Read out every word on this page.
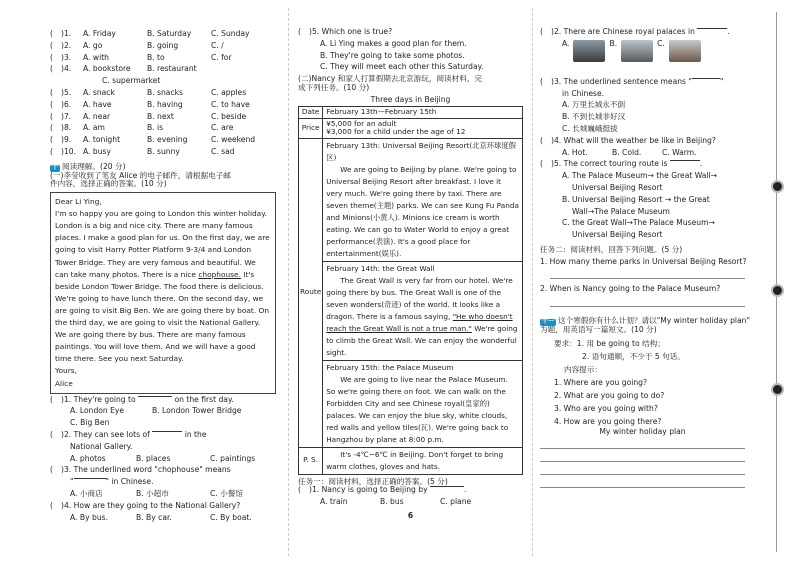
(	)1.	A. Friday	B. Saturday	C. Sunday
(	)2.	A. go	B. going	C. /
(	)3.	A. with	B. to	C. for
(	)4.	A. bookstore	B. restaurant
C. supermarket
(	)5.	A. snack	B. snacks	C. apples
(	)6.	A. have	B. having	C. to have
(	)7.	A. near	B. next	C. beside
(	)8.	A. am	B. is	C. are
(	)9.	A. tonight	B. evening	C. weekend
(	)10. A. busy	B. sunny	C. sad
十 阅读理解。(20 分)
(一)李莹收到了笔友 Alice 的电子邮件，请根据电子邮
件内容，选择正确的答案。(10 分)

Dear Li Ying,

I'm so happy you are going to London this winter holiday. London is a big and nice city. There are many famous places. I make a good plan for us. On the first day, we are going to visit Harry Potter Platform 9-3/4 and London Tower Bridge. They are very famous and beautiful. We can take many photos. There is a nice chophouse. It's beside London Tower Bridge. The food there is delicious. We're going to have lunch there. On the second day, we are going to visit Big Ben. We are going there by boat. On the third day, we are going to visit the National Gallery. We are going there by bus. There are many famous paintings. You will love them. And we will have a good time there. See you next Saturday.

Yours,

Alice

(	)1. They're going to

	on the first day.
A. London Eye	B. London Tower Bridge
C. Big Ben
(	)2. They can see lots of

	in the
National Gallery.
A. photos	B. places	C. paintings
(	)3. The underlined word "chophouse" means
"	" in Chinese.
A. 小商店	B. 小超市	C. 小餐馆
(	)4. How are they going to the National Gallery?
A. By bus.	B. By car.	C. By boat.
(	)5. Which one is true?
A. Li Ying makes a good plan for them.
B. They're going to take some photos.
C. They will meet each other this Saturday.
(二)Nancy 和家人打算假期去北京游玩，阅读材料，完
成下列任务。(10 分)
Three days in Beijing
Date	February 13th—February 15th
Price	¥5,000 for an adult
¥3,000 for a child under the age of 12

Route	February 13th: Universal Beijing Resort(北京环球度假区)
We are going to Beijing by plane. We're going to Universal Beijing Resort after breakfast. I love it very much. We're going there by taxi. There are seven theme(主题) parks. We can see Kung Fu Panda and Minions(小黄人). Minions ice cream is worth eating. We can go to Water World to enjoy a great performance(表演). It's a good place for entertainment(娱乐).

	February 14th: the Great Wall
The Great Wall is very far from our hotel. We're going there by bus. The Great Wall is one of the seven wonders(奇迹) of the world. It looks like a dragon. There is a famous saying, "He who doesn't reach the Great Wall is not a true man." We're going to climb the Great Wall. We can enjoy the wonderful sight.

	February 15th: the Palace Museum
We are going to live near the Palace Museum. So we're going there on foot. We can walk on the Forbidden City and see Chinese royal(皇家的) palaces. We can enjoy the blue sky, white clouds, red walls and yellow tiles(瓦). We're going back to Hangzhou by plane at 8:00 p.m.

P. S.	It's -4℃~6℃ in Beijing. Don't forget to bring warm clothes, gloves and hats.
任务一：阅读材料，选择正确的答案。(5 分)
(	)1. Nancy is going to Beijing by
	.
A. train	B. bus	C. plane
6
(	)2. There are Chinese royal palaces in
	.
A.	B.	C.
(	)3. The underlined sentence means "	"
in Chinese.
A. 万里长城永不倒
B. 不到长城非好汉
C. 长城巍峨挺拔
(	)4. What will the weather be like in Beijing?
A. Hot.	B. Cold.	C. Warm.
(	)5. The correct touring route is
	.
A. The Palace Museum→ the Great Wall→
Universal Beijing Resort
B. Universal Beijing Resort → the Great
Wall→The Palace Museum
C. the Great Wall→The Palace Museum→
Universal Beijing Resort
任务二：阅读材料，回答下列问题。(5 分)
1. How many theme parks in Universal Beijing Resort?
2. When is Nancy going to the Palace Museum?
十一 这个寒假你有什么计划？请以"My winter holiday plan"
为题，用英语写一篇短文。(10 分)
要求：1. 用 be going to 结构；
2. 语句通顺，不少于 5 句话。
内容提示：
1. Where are you going?
2. What are you going to do?
3. Who are you going with?
4. How are you going there?
My winter holiday plan
